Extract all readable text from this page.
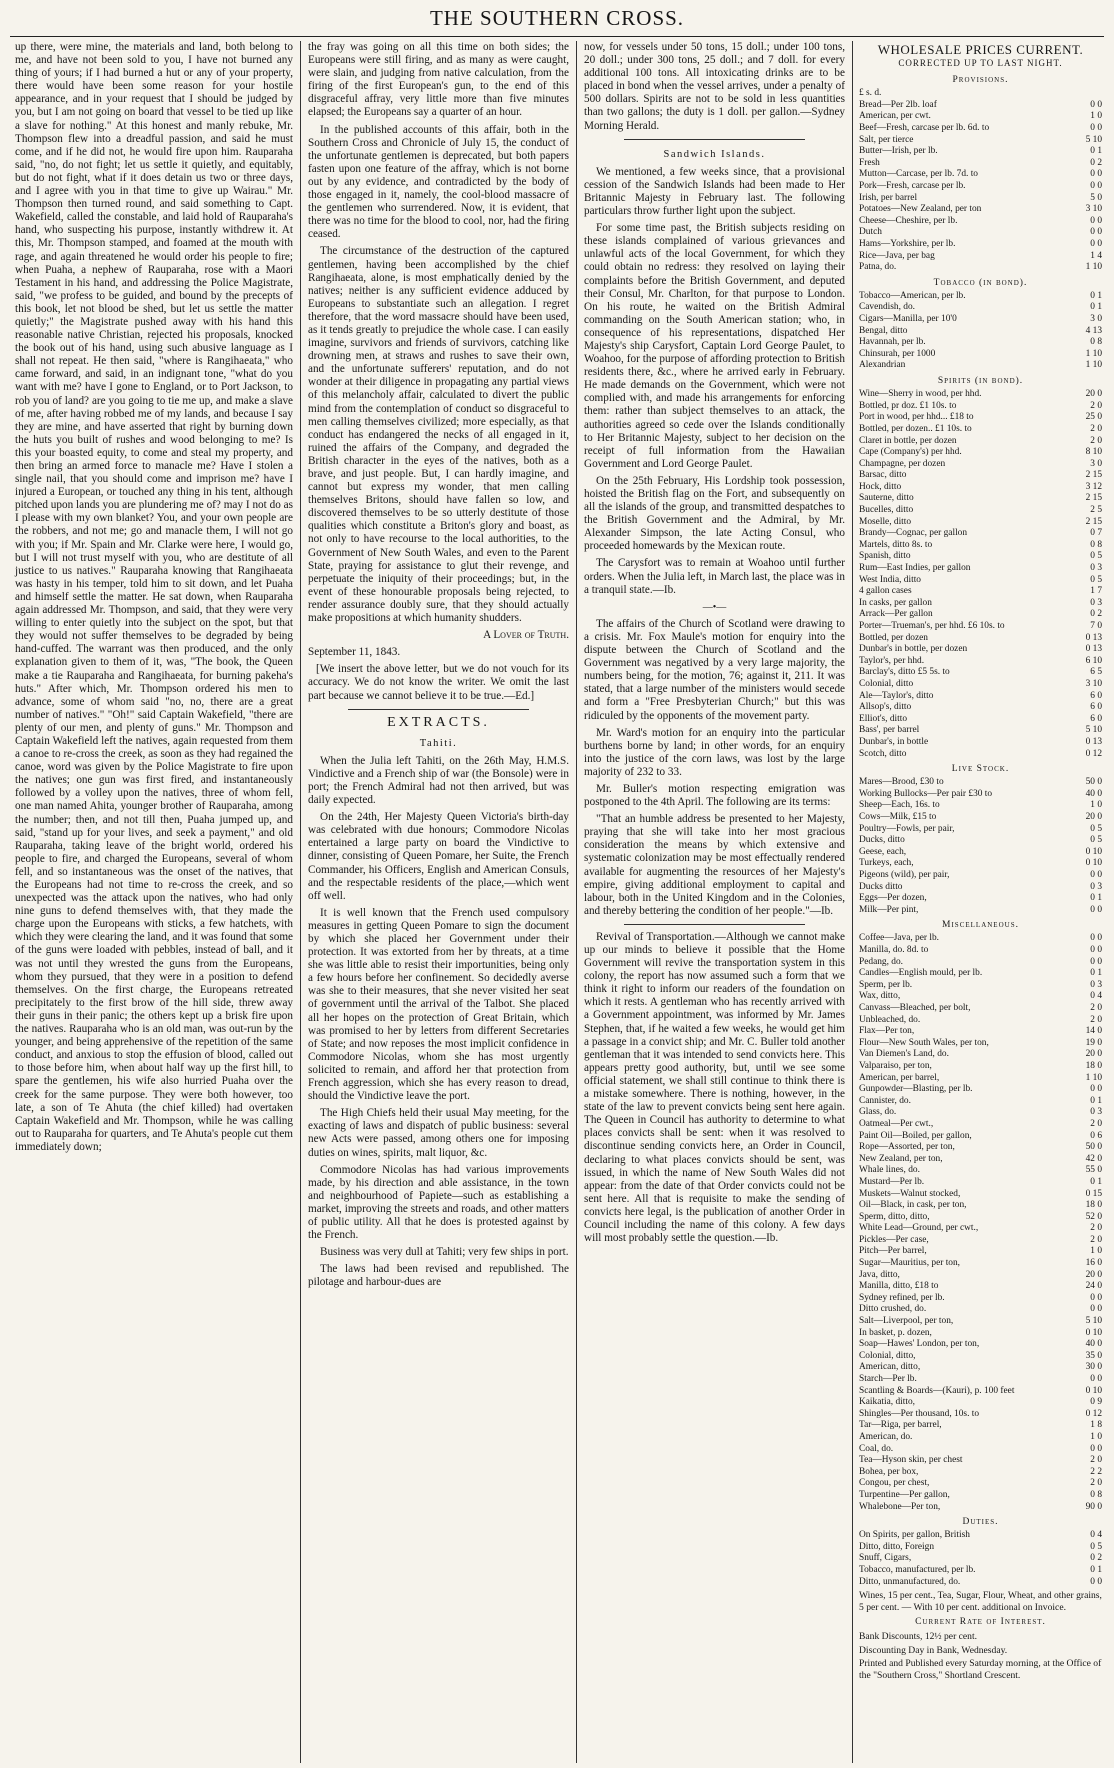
THE SOUTHERN CROSS.

up there, were mine, the materials and land, both belong to me, and have not been sold to you, I have not burned any thing of yours; if I had burned a hut or any of your property, there would have been some reason for your hostile appearance, and in your request that I should be judged by you, but I am not going on board that vessel to be tied up like a slave for nothing." At this honest and manly rebuke, Mr. Thompson flew into a dreadful passion, and said he must come, and if he did not, he would fire upon him. Rauparaha said, "no, do not fight; let us settle it quietly, and equitably, but do not fight, what if it does detain us two or three days, and I agree with you in that time to give up Wairau." Mr. Thompson then turned round, and said something to Capt. Wakefield, called the constable, and laid hold of Rauparaha's hand, who suspecting his purpose, instantly withdrew it. At this, Mr. Thompson stamped, and foamed at the mouth with rage, and again threatened he would order his people to fire; when Puaha, a nephew of Rauparaha, rose with a Maori Testament in his hand, and addressing the Police Magistrate, said, "we profess to be guided, and bound by the precepts of this book, let not blood be shed, but let us settle the matter quietly;" the Magistrate pushed away with his hand this reasonable native Christian, rejected his proposals, knocked the book out of his hand, using such abusive language as I shall not repeat. He then said, "where is Rangihaeata," who came forward, and said, in an indignant tone, "what do you want with me? have I gone to England, or to Port Jackson, to rob you of land? are you going to tie me up, and make a slave of me, after having robbed me of my lands, and because I say they are mine, and have asserted that right by burning down the huts you built of rushes and wood belonging to me? Is this your boasted equity, to come and steal my property, and then bring an armed force to manacle me? Have I stolen a single nail, that you should come and imprison me? have I injured a European, or touched any thing in his tent, although pitched upon lands you are plundering me of? may I not do as I please with my own blanket? You, and your own people are the robbers, and not me; go and manacle them, I will not go with you; if Mr. Spain and Mr. Clarke were here, I would go, but I will not trust myself with you, who are destitute of all justice to us natives." Rauparaha knowing that Rangihaeata was hasty in his temper, told him to sit down, and let Puaha and himself settle the matter. He sat down, when Rauparaha again addressed Mr. Thompson, and said, that they were very willing to enter quietly into the subject on the spot, but that they would not suffer themselves to be degraded by being hand-cuffed. The warrant was then produced, and the only explanation given to them of it, was, "The book, the Queen make a tie Rauparaha and Rangihaeata, for burning pakeha's huts." After which, Mr. Thompson ordered his men to advance, some of whom said "no, no, there are a great number of natives." "Oh!" said Captain Wakefield, "there are plenty of our men, and plenty of guns." Mr. Thompson and Captain Wakefield left the natives, again requested from them a canoe to re-cross the creek, as soon as they had regained the canoe, word was given by the Police Magistrate to fire upon the natives; one gun was first fired, and instantaneously followed by a volley upon the natives, three of whom fell, one man named Ahita, younger brother of Rauparaha, among the number; then, and not till then, Puaha jumped up, and said, "stand up for your lives, and seek a payment," and old Rauparaha, taking leave of the bright world, ordered his people to fire, and charged the Europeans, several of whom fell, and so instantaneous was the onset of the natives, that the Europeans had not time to re-cross the creek, and so unexpected was the attack upon the natives, who had only nine guns to defend themselves with, that they made the charge upon the Europeans with sticks, a few hatchets, with which they were clearing the land, and it was found that some of the guns were loaded with pebbles, instead of ball, and it was not until they wrested the guns from the Europeans, whom they pursued, that they were in a position to defend themselves. On the first charge, the Europeans retreated precipitately to the first brow of the hill side, threw away their guns in their panic; the others kept up a brisk fire upon the natives. Rauparaha who is an old man, was out-run by the younger, and being apprehensive of the repetition of the same conduct, and anxious to stop the effusion of blood, called out to those before him, when about half way up the first hill, to spare the gentlemen, his wife also hurried Puaha over the creek for the same purpose. They were both however, too late, a son of Te Ahuta (the chief killed) had overtaken Captain Wakefield and Mr. Thompson, while he was calling out to Rauparaha for quarters, and Te Ahuta's people cut them immediately down;

the fray was going on all this time on both sides; the Europeans were still firing, and as many as were caught, were slain, and judging from native calculation, from the firing of the first European's gun, to the end of this disgraceful affray, very little more than five minutes elapsed; the Europeans say a quarter of an hour.

In the published accounts of this affair, both in the Southern Cross and Chronicle of July 15, the conduct of the unfortunate gentlemen is deprecated, but both papers fasten upon one feature of the affray, which is not borne out by any evidence, and contradicted by the body of those engaged in it, namely, the cool-blood massacre of the gentlemen who surrendered. Now, it is evident, that there was no time for the blood to cool, nor, had the firing ceased.

The circumstance of the destruction of the captured gentlemen, having been accomplished by the chief Rangihaeata, alone, is most emphatically denied by the natives; neither is any sufficient evidence adduced by Europeans to substantiate such an allegation. I regret therefore, that the word massacre should have been used, as it tends greatly to prejudice the whole case. I can easily imagine, survivors and friends of survivors, catching like drowning men, at straws and rushes to save their own, and the unfortunate sufferers' reputation, and do not wonder at their diligence in propagating any partial views of this melancholy affair, calculated to divert the public mind from the contemplation of conduct so disgraceful to men calling themselves civilized; more especially, as that conduct has endangered the necks of all engaged in it, ruined the affairs of the Company, and degraded the British character in the eyes of the natives, both as a brave, and just people. But, I can hardly imagine, and cannot but express my wonder, that men calling themselves Britons, should have fallen so low, and discovered themselves to be so utterly destitute of those qualities which constitute a Briton's glory and boast, as not only to have recourse to the local authorities, to the Government of New South Wales, and even to the Parent State, praying for assistance to glut their revenge, and perpetuate the iniquity of their proceedings; but, in the event of these honourable proposals being rejected, to render assurance doubly sure, that they should actually make propositions at which humanity shudders.

A Lover of Truth.

September 11, 1843.

[We insert the above letter, but we do not vouch for its accuracy. We do not know the writer. We omit the last part because we cannot believe it to be true.—Ed.]

EXTRACTS.
Tahiti.

When the Julia left Tahiti, on the 26th May, H.M.S. Vindictive and a French ship of war (the Bonsole) were in port; the French Admiral had not then arrived, but was daily expected.

On the 24th, Her Majesty Queen Victoria's birth-day was celebrated with due honours; Commodore Nicolas entertained a large party on board the Vindictive to dinner, consisting of Queen Pomare, her Suite, the French Commander, his Officers, English and American Consuls, and the respectable residents of the place,—which went off well.

It is well known that the French used compulsory measures in getting Queen Pomare to sign the document by which she placed her Government under their protection. It was extorted from her by threats, at a time she was little able to resist their importunities, being only a few hours before her confinement. So decidedly averse was she to their measures, that she never visited her seat of government until the arrival of the Talbot. She placed all her hopes on the protection of Great Britain, which was promised to her by letters from different Secretaries of State; and now reposes the most implicit confidence in Commodore Nicolas, whom she has most urgently solicited to remain, and afford her that protection from French aggression, which she has every reason to dread, should the Vindictive leave the port.

The High Chiefs held their usual May meeting, for the exacting of laws and dispatch of public business: several new Acts were passed, among others one for imposing duties on wines, spirits, malt liquor, &c.

Commodore Nicolas has had various improvements made, by his direction and able assistance, in the town and neighbourhood of Papiete—such as establishing a market, improving the streets and roads, and other matters of public utility. All that he does is protested against by the French.

Business was very dull at Tahiti; very few ships in port.

The laws had been revised and republished. The pilotage and harbour-dues are

now, for vessels under 50 tons, 15 doll.; under 100 tons, 20 doll.; under 300 tons, 25 doll.; and 7 doll. for every additional 100 tons. All intoxicating drinks are to be placed in bond when the vessel arrives, under a penalty of 500 dollars. Spirits are not to be sold in less quantities than two gallons; the duty is 1 doll. per gallon.—Sydney Morning Herald.

Sandwich Islands.

We mentioned, a few weeks since, that a provisional cession of the Sandwich Islands had been made to Her Britannic Majesty in February last. The following particulars throw further light upon the subject.

For some time past, the British subjects residing on these islands complained of various grievances and unlawful acts of the local Government, for which they could obtain no redress: they resolved on laying their complaints before the British Government, and deputed their Consul, Mr. Charlton, for that purpose to London. On his route, he waited on the British Admiral commanding on the South American station; who, in consequence of his representations, dispatched Her Majesty's ship Carysfort, Captain Lord George Paulet, to Woahoo, for the purpose of affording protection to British residents there, &c., where he arrived early in February. He made demands on the Government, which were not complied with, and made his arrangements for enforcing them: rather than subject themselves to an attack, the authorities agreed so cede over the Islands conditionally to Her Britannic Majesty, subject to her decision on the receipt of full information from the Hawaiian Government and Lord George Paulet.

On the 25th February, His Lordship took possession, hoisted the British flag on the Fort, and subsequently on all the islands of the group, and transmitted despatches to the British Government and the Admiral, by Mr. Alexander Simpson, the late Acting Consul, who proceeded homewards by the Mexican route.

The Carysfort was to remain at Woahoo until further orders. When the Julia left, in March last, the place was in a tranquil state.—Ib.

—•—

The affairs of the Church of Scotland were drawing to a crisis. Mr. Fox Maule's motion for enquiry into the dispute between the Church of Scotland and the Government was negatived by a very large majority, the numbers being, for the motion, 76; against it, 211. It was stated, that a large number of the ministers would secede and form a "Free Presbyterian Church;" but this was ridiculed by the opponents of the movement party.

Mr. Ward's motion for an enquiry into the particular burthens borne by land; in other words, for an enquiry into the justice of the corn laws, was lost by the large majority of 232 to 33.

Mr. Buller's motion respecting emigration was postponed to the 4th April. The following are its terms:

"That an humble address be presented to her Majesty, praying that she will take into her most gracious consideration the means by which extensive and systematic colonization may be most effectually rendered available for augmenting the resources of her Majesty's empire, giving additional employment to capital and labour, both in the United Kingdom and in the Colonies, and thereby bettering the condition of her people."—Ib.

Revival of Transportation.—Although we cannot make up our minds to believe it possible that the Home Government will revive the transportation system in this colony, the report has now assumed such a form that we think it right to inform our readers of the foundation on which it rests. A gentleman who has recently arrived with a Government appointment, was informed by Mr. James Stephen, that, if he waited a few weeks, he would get him a passage in a convict ship; and Mr. C. Buller told another gentleman that it was intended to send convicts here. This appears pretty good authority, but, until we see some official statement, we shall still continue to think there is a mistake somewhere. There is nothing, however, in the state of the law to prevent convicts being sent here again. The Queen in Council has authority to determine to what places convicts shall be sent: when it was resolved to discontinue sending convicts here, an Order in Council, declaring to what places convicts should be sent, was issued, in which the name of New South Wales did not appear: from the date of that Order convicts could not be sent here. All that is requisite to make the sending of convicts here legal, is the publication of another Order in Council including the name of this colony. A few days will most probably settle the question.—Ib.

WHOLESALE PRICES CURRENT.
CORRECTED UP TO LAST NIGHT.
Provisions.
£ s. d.
Bread—Per 2lb. loaf	0 0
American, per cwt.	1 0
Beef—Fresh, carcase per lb. 6d. to	0 0
Salt, per tierce	5 10
Butter—Irish, per lb.	0 1
Fresh	0 2
Mutton—Carcase, per lb. 7d. to	0 0
Pork—Fresh, carcase per lb.	0 0
Irish, per barrel	5 0
Potatoes—New Zealand, per ton	3 10
Cheese—Cheshire, per lb.	0 0
Dutch	0 0
Hams—Yorkshire, per lb.	0 0
Rice—Java, per bag	1 4
Patna, do.	1 10
Tobacco (in bond).
Tobacco—American, per lb.	0 1
Cavendish, do.	0 1
Cigars—Manilla, per 10'0	3 0
Bengal, ditto	4 13
Havannah, per lb.	0 8
Chinsurah, per 1000	1 10
Alexandrian	1 10
Spirits (in bond).
Wine—Sherry in wood, per hhd.	20 0
Bottled, pr doz. £1 10s. to	2 0
Port in wood, per hhd... £18 to	25 0
Bottled, per dozen.. £1 10s. to	2 0
Claret in bottle, per dozen	2 0
Cape (Company's) per hhd.	8 10
Champagne, per dozen	3 0
Barsac, ditto	2 15
Hock, ditto	3 12
Sauterne, ditto	2 15
Bucelles, ditto	2 5
Moselle, ditto	2 15
Brandy—Cognac, per gallon	0 7
Martels, ditto 8s. to	0 8
Spanish, ditto	0 5
Rum—East Indies, per gallon	0 3
West India, ditto	0 5
4 gallon cases	1 7
In casks, per gallon	0 3
Arrack—Per gallon	0 2
Porter—Trueman's, per hhd. £6 10s. to	7 0
Bottled, per dozen	0 13
Dunbar's in bottle, per dozen	0 13
Taylor's, per hhd.	6 10
Barclay's, ditto £5 5s. to	6 5
Colonial, ditto	3 10
Ale—Taylor's, ditto	6 0
Allsop's, ditto	6 0
Elliot's, ditto	6 0
Bass', per barrel	5 10
Dunbar's, in bottle	0 13
Scotch, ditto	0 12
Live Stock.
Mares—Brood, £30 to	50 0
Working Bullocks—Per pair £30 to	40 0
Sheep—Each, 16s. to	1 0
Cows—Milk, £15 to	20 0
Poultry—Fowls, per pair,	0 5
Ducks, ditto	0 5
Geese, each,	0 10
Turkeys, each,	0 10
Pigeons (wild), per pair,	0 0
Ducks ditto	0 3
Eggs—Per dozen,	0 1
Milk—Per pint,	0 0
Miscellaneous.
Coffee—Java, per lb.	0 0
Manilla, do. 8d. to	0 0
Pedang, do.	0 0
Candles—English mould, per lb.	0 1
Sperm, per lb.	0 3
Wax, ditto,	0 4
Canvass—Bleached, per bolt,	2 0
Unbleached, do.	2 0
Flax—Per ton,	14 0
Flour—New South Wales, per ton,	19 0
Van Diemen's Land, do.	20 0
Valparaiso, per ton,	18 0
American, per barrel,	1 10
Gunpowder—Blasting, per lb.	0 0
Cannister, do.	0 1
Glass, do.	0 3
Oatmeal—Per cwt.,	2 0
Paint Oil—Boiled, per gallon,	0 6
Rope—Assorted, per ton,	50 0
New Zealand, per ton,	42 0
Whale lines, do.	55 0
Mustard—Per lb.	0 1
Muskets—Walnut stocked,	0 15
Oil—Black, in cask, per ton,	18 0
Sperm, ditto, ditto,	52 0
White Lead—Ground, per cwt.,	2 0
Pickles—Per case,	2 0
Pitch—Per barrel,	1 0
Sugar—Mauritius, per ton,	16 0
Java, ditto,	20 0
Manilla, ditto, £18 to	24 0
Sydney refined, per lb.	0 0
Ditto crushed, do.	0 0
Salt—Liverpool, per ton,	5 10
In basket, p. dozen,	0 10
Soap—Hawes' London, per ton,	40 0
Colonial, ditto,	35 0
American, ditto,	30 0
Starch—Per lb.	0 0
Scantling & Boards—(Kauri), p. 100 feet	0 10
Kaikatia, ditto,	0 9
Shingles—Per thousand, 10s. to	0 12
Tar—Riga, per barrel,	1 8
American, do.	1 0
Coal, do.	0 0
Tea—Hyson skin, per chest	2 0
Bohea, per box,	2 2
Congou, per chest,	2 0
Turpentine—Per gallon,	0 8
Whalebone—Per ton,	90 0
Duties.
On Spirits, per gallon, British	0 4
Ditto, ditto, Foreign	0 5
Snuff, Cigars,	0 2
Tobacco, manufactured, per lb.	0 1
Ditto, unmanufactured, do.	0 0

Wines, 15 per cent., Tea, Sugar, Flour, Wheat, and other grains, 5 per cent. — With 10 per cent. additional on Invoice.

Current Rate of Interest.

Bank Discounts, 12½ per cent.

Discounting Day in Bank, Wednesday.

Printed and Published every Saturday morning, at the Office of the "Southern Cross," Shortland Crescent.
